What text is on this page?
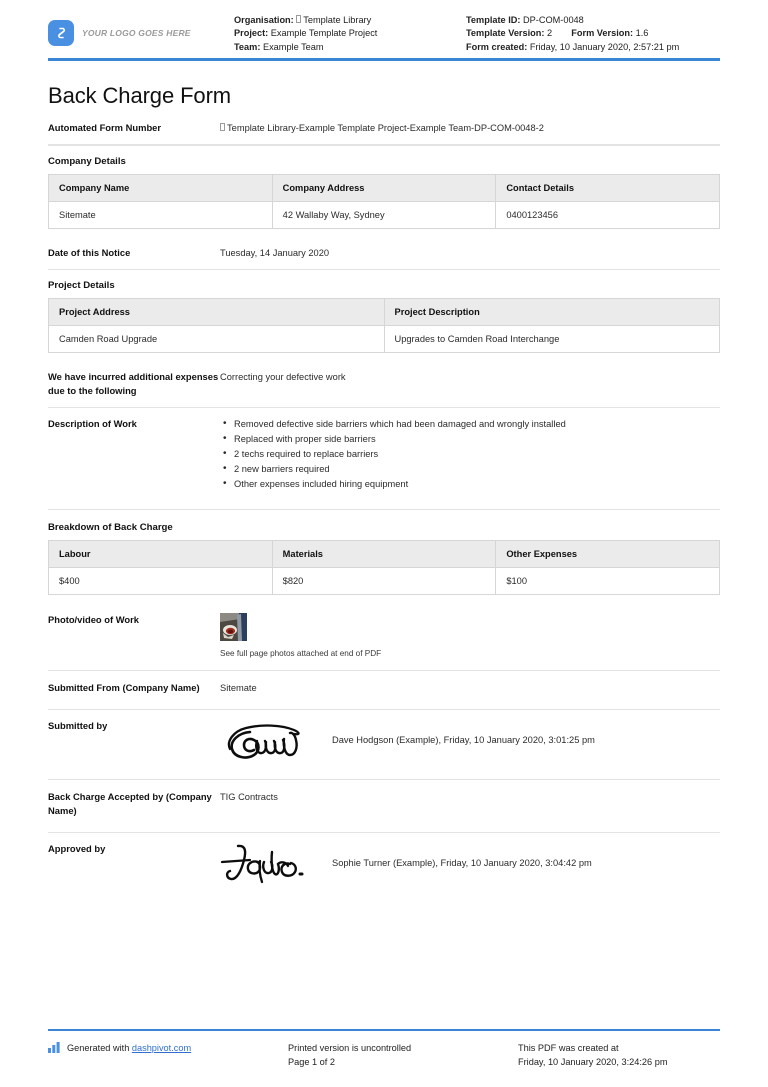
YOUR LOGO GOES HERE
Organisation: Template Library
Project: Example Template Project
Team: Example Team
Template ID: DP-COM-0048
Template Version: 2 Form Version: 1.6
Form created: Friday, 10 January 2020, 2:57:21 pm
Back Charge Form
Automated Form Number	Template Library-Example Template Project-Example Team-DP-COM-0048-2
Company Details
Company Name	Company Address	Contact Details
Sitemate	42 Wallaby Way, Sydney	0400123456
Date of this Notice	Tuesday, 14 January 2020
Project Details
Project Address	Project Description
Camden Road Upgrade	Upgrades to Camden Road Interchange
We have incurred additional expenses due to the following
Correcting your defective work
Description of Work	• Removed defective side barriers which had been damaged and wrongly installed
• Replaced with proper side barriers
• 2 techs required to replace barriers
• 2 new barriers required
• Other expenses included hiring equipment
Breakdown of Back Charge
Labour	Materials	Other Expenses
$400	$820	$100
Photo/video of Work
See full page photos attached at end of PDF
Submitted From (Company Name)	Sitemate
Submitted by
Dave Hodgson (Example), Friday, 10 January 2020, 3:01:25 pm
Back Charge Accepted by (Company Name)
TIG Contracts
Approved by
Sophie Turner (Example), Friday, 10 January 2020, 3:04:42 pm
Generated with dashpivot.com	Printed version is uncontrolled
Page 1 of 2
This PDF was created at
Friday, 10 January 2020, 3:24:26 pm
